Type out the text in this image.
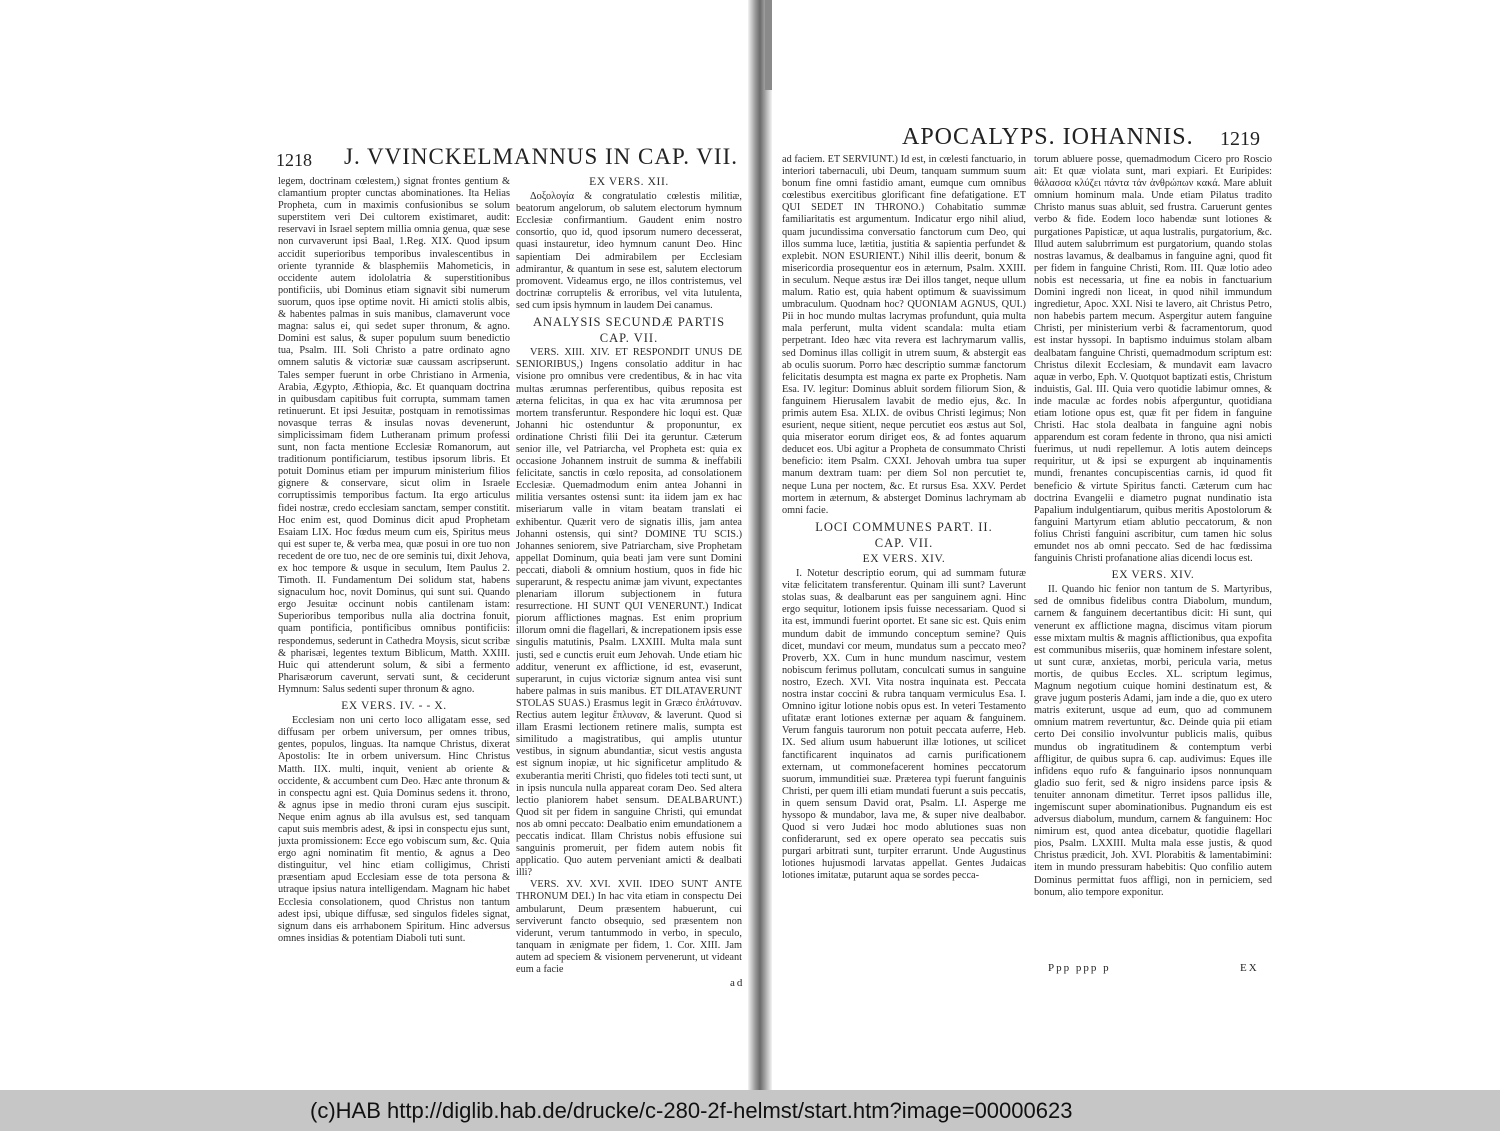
1218 J. VVINCKELMANNUS IN CAP. VII.

legem, doctrinam cœlestem,) signat frontes gentium & clamantium propter cunctas abominationes. Ita Helias Propheta, cum in maximis confusionibus se solum superstitem veri Dei cultorem existimaret, audit: reservavi in Israel septem millia omnia genua, quæ sese non curvaverunt ipsi Baal, 1.Reg. XIX. Quod ipsum accidit superioribus temporibus invalescentibus in oriente tyrannide & blasphemiis Mahometicis, in occidente autem idololatria & superstitionibus pontificiis, ubi Dominus etiam signavit sibi numerum suorum, quos ipse optime novit. Hi amicti stolis albis, & habentes palmas in suis manibus, clamaverunt voce magna: salus ei, qui sedet super thronum, & agno. Domini est salus, & super populum suum benedictio tua, Psalm. III. Soli Christo a patre ordinato agno omnem salutis & victoriæ suæ caussam ascripserunt. Tales semper fuerunt in orbe Christiano in Armenia, Arabia, Ægypto, Æthiopia, &c. Et quanquam doctrina in quibusdam capitibus fuit corrupta, summam tamen retinuerunt. Et ipsi Jesuitæ, postquam in remotissimas novasque terras & insulas novas devenerunt, simplicissimam fidem Lutheranam primum professi sunt, non facta mentione Ecclesiæ Romanorum, aut traditionum pontificiarum, testibus ipsorum libris. Et potuit Dominus etiam per impurum ministerium filios gignere & conservare, sicut olim in Israele corruptissimis temporibus factum. Ita ergo articulus fidei nostræ, credo ecclesiam sanctam, semper constitit. Hoc enim est, quod Dominus dicit apud Prophetam Esaiam LIX. Hoc fœdus meum cum eis, Spiritus meus qui est super te, & verba mea, quæ posui in ore tuo non recedent de ore tuo, nec de ore seminis tui, dixit Jehova, ex hoc tempore & usque in seculum, Item Paulus 2. Timoth. II. Fundamentum Dei solidum stat, habens signaculum hoc, novit Dominus, qui sunt sui. Quando ergo Jesuitæ occinunt nobis cantilenam istam: Superioribus temporibus nulla alia doctrina fonuit, quam pontificia, pontificibus omnibus pontificiis: respondemus, sederunt in Cathedra Moysis, sicut scribæ & pharisæi, legentes textum Biblicum, Matth. XXIII. Huic qui attenderunt solum, & sibi a fermento Pharisæorum caverunt, servati sunt, & ceciderunt Hymnum: Salus sedenti super thronum & agno.

EX VERS. IV. - - X.

Ecclesiam non uni certo loco alligatam esse, sed diffusam per orbem universum, per omnes tribus, gentes, populos, linguas. Ita namque Christus, dixerat Apostolis: Ite in orbem universum. Hinc Christus Matth. IIX. multi, inquit, venient ab oriente & occidente, & accumbent cum Deo. Hæc ante thronum & in conspectu agni est. Quia Dominus sedens it. throno, & agnus ipse in medio throni curam ejus suscipit. Neque enim agnus ab illa avulsus est, sed tanquam caput suis membris adest, & ipsi in conspectu ejus sunt, juxta promissionem: Ecce ego vobiscum sum, &c. Quia ergo agni nominatim fit mentio, & agnus a Deo distinguitur, vel hinc etiam colligimus, Christi præsentiam apud Ecclesiam esse de tota persona & utraque ipsius natura intelligendam. Magnam hic habet Ecclesia consolationem, quod Christus non tantum adest ipsi, ubique diffusæ, sed singulos fideles signat, signum dans eis arrhabonem Spiritum. Hinc adversus omnes insidias & potentiam Diaboli tuti sunt.

EX VERS. XII.

Δοξολογία & congratulatio cœlestis militiæ, beatorum angelorum, ob salutem electorum hymnum Ecclesiæ confirmantium. Gaudent enim nostro consortio, quo id, quod ipsorum numero decesserat, quasi instauretur, ideo hymnum canunt Deo. Hinc sapientiam Dei admirabilem per Ecclesiam admirantur, & quantum in sese est, salutem electorum promovent. Videamus ergo, ne illos contristemus, vel doctrinæ corruptelis & erroribus, vel vita lutulenta, sed cum ipsis hymnum in laudem Dei canamus.

ANALYSIS SECUNDÆ PARTIS
CAP. VII.

VERS. XIII. XIV. ET RESPONDIT UNUS DE SENIORIBUS,) Ingens consolatio additur in hac visione pro omnibus vere credentibus, & in hac vita multas ærumnas perferentibus, quibus reposita est æterna felicitas, in qua ex hac vita ærumnosa per mortem transferuntur. Respondere hic loqui est. Quæ Johanni hic ostenduntur & proponuntur, ex ordinatione Christi filii Dei ita geruntur. Cæterum senior ille, vel Patriarcha, vel Propheta est: quia ex occasione Johannem instruit de summa & ineffabili felicitate, sanctis in cœlo reposita, ad consolationem Ecclesiæ. Quemadmodum enim antea Johanni in militia versantes ostensi sunt: ita iidem jam ex hac miseriarum valle in vitam beatam translati ei exhibentur. Quærit vero de signatis illis, jam antea Johanni ostensis, qui sint? DOMINE TU SCIS.) Johannes seniorem, sive Patriarcham, sive Prophetam appellat Dominum, quia beati jam vere sunt Domini peccati, diaboli & omnium hostium, quos in fide hic superarunt, & respectu animæ jam vivunt, expectantes plenariam illorum subjectionem in futura resurrectione. HI SUNT QUI VENERUNT.) Indicat piorum afflictiones magnas. Est enim proprium illorum omni die flagellari, & increpationem ipsis esse singulis matutinis, Psalm. LXXIII. Multa mala sunt justi, sed e cunctis eruit eum Jehovah. Unde etiam hic additur, venerunt ex afflictione, id est, evaserunt, superarunt, in cujus victoriæ signum antea visi sunt habere palmas in suis manibus. ET DILATAVERUNT STOLAS SUAS.) Erasmus legit in Græco ἐπλάτυναν. Rectius autem legitur ἔπλυναν, & laverunt. Quod si illam Erasmi lectionem retinere malis, sumpta est similitudo a magistratibus, qui amplis utuntur vestibus, in signum abundantiæ, sicut vestis angusta est signum inopiæ, ut hic significetur amplitudo & exuberantia meriti Christi, quo fideles toti tecti sunt, ut in ipsis nuncula nulla appareat coram Deo. Sed altera lectio planiorem habet sensum. DEALBARUNT.) Quod sit per fidem in sanguine Christi, qui emundat nos ab omni peccato: Dealbatio enim emundationem a peccatis indicat. Illam Christus nobis effusione sui sanguinis promeruit, per fidem autem nobis fit applicatio. Quo autem perveniant amicti & dealbati illi?

VERS. XV. XVI. XVII. IDEO SUNT ANTE THRONUM DEI.) In hac vita etiam in conspectu Dei ambularunt, Deum præsentem habuerunt, cui serviverunt fancto obsequio, sed præsentem non viderunt, verum tantummodo in verbo, in speculo, tanquam in ænigmate per fidem, 1. Cor. XIII. Jam autem ad speciem & visionem pervenerunt, ut videant eum a facie

ad
APOCALYPS. IOHANNIS. 1219

ad faciem. ET SERVIUNT.) Id est, in cœlesti fanctuario, in interiori tabernaculi, ubi Deum, tanquam summum suum bonum fine omni fastidio amant, eumque cum omnibus cœlestibus exercitibus glorificant fine defatigatione. ET QUI SEDET IN THRONO.) Cohabitatio summæ familiaritatis est argumentum. Indicatur ergo nihil aliud, quam jucundissima conversatio fanctorum cum Deo, qui illos summa luce, lætitia, justitia & sapientia perfundet & explebit. NON ESURIENT.) Nihil illis deerit, bonum & misericordia prosequentur eos in æternum, Psalm. XXIII. in seculum. Neque æstus iræ Dei illos tanget, neque ullum malum. Ratio est, quia habent optimum & suavissimum umbraculum. Quodnam hoc? QUONIAM AGNUS, QUI.) Pii in hoc mundo multas lacrymas profundunt, quia multa mala perferunt, multa vident scandala: multa etiam perpetrant. Ideo hæc vita revera est lachrymarum vallis, sed Dominus illas colligit in utrem suum, & abstergit eas ab oculis suorum. Porro hæc descriptio summæ fanctorum felicitatis desumpta est magna ex parte ex Prophetis. Nam Esa. IV. legitur: Dominus abluit sordem filiorum Sion, & fanguinem Hierusalem lavabit de medio ejus, &c. In primis autem Esa. XLIX. de ovibus Christi legimus; Non esurient, neque sitient, neque percutiet eos æstus aut Sol, quia miserator eorum diriget eos, & ad fontes aquarum deducet eos. Ubi agitur a Propheta de consummato Christi beneficio: item Psalm. CXXI. Jehovah umbra tua super manum dextram tuam: per diem Sol non percutiet te, neque Luna per noctem, &c. Et rursus Esa. XXV. Perdet mortem in æternum, & absterget Dominus lachrymam ab omni facie.

LOCI COMMUNES PART. II.
CAP. VII.
EX VERS. XIV.

I. Notetur descriptio eorum, qui ad summam futuræ vitæ felicitatem transferentur. Quinam illi sunt? Laverunt stolas suas, & dealbarunt eas per sanguinem agni. Hinc ergo sequitur, lotionem ipsis fuisse necessariam. Quod si ita est, immundi fuerint oportet. Et sane sic est. Quis enim mundum dabit de immundo conceptum semine? Quis dicet, mundavi cor meum, mundatus sum a peccato meo? Proverb, XX. Cum in hunc mundum nascimur, vestem nobiscum ferimus pollutam, conculcati sumus in sanguine nostro, Ezech. XVI. Vita nostra inquinata est. Peccata nostra instar coccini & rubra tanquam vermiculus Esa. I. Omnino igitur lotione nobis opus est. In veteri Testamento ufitatæ erant lotiones externæ per aquam & fanguinem. Verum fanguis taurorum non potuit peccata auferre, Heb. IX. Sed alium usum habuerunt illæ lotiones, ut scilicet fanctificarent inquinatos ad carnis purificationem externam, ut commonefacerent homines peccatorum suorum, immunditiei suæ. Præterea typi fuerunt fanguinis Christi, per quem illi etiam mundati fuerunt a suis peccatis, in quem sensum David orat, Psalm. LI. Asperge me hyssopo & mundabor, lava me, & super nive dealbabor. Quod si vero Judæi hoc modo ablutiones suas non confiderarunt, sed ex opere operato sea peccatis suis purgari arbitrati sunt, turpiter errarunt. Unde Augustinus lotiones hujusmodi larvatas appellat. Gentes Judaicas lotiones imitatæ, putarunt aqua se sordes pecca-

torum abluere posse, quemadmodum Cicero pro Roscio ait: Et quæ violata sunt, mari expiari. Et Euripides: θάλασσα κλύζει πάντα τἀν ἀνθρώπων κακά. Mare abluit omnium hominum mala. Unde etiam Pilatus tradito Christo manus suas abluit, sed frustra. Caruerunt gentes verbo & fide. Eodem loco habendæ sunt lotiones & purgationes Papisticæ, ut aqua lustralis, purgatorium, &c. Illud autem salubrrimum est purgatorium, quando stolas nostras lavamus, & dealbamus in fanguine agni, quod fit per fidem in fanguine Christi, Rom. III. Quæ lotio adeo nobis est necessaria, ut fine ea nobis in fanctuarium Domini ingredi non liceat, in quod nihil immundum ingredietur, Apoc. XXI. Nisi te lavero, ait Christus Petro, non habebis partem mecum. Aspergitur autem fanguine Christi, per ministerium verbi & facramentorum, quod est instar hyssopi. In baptismo induimus stolam albam dealbatam fanguine Christi, quemadmodum scriptum est: Christus dilexit Ecclesiam, & mundavit eam lavacro aquæ in verbo, Eph. V. Quotquot baptizati estis, Christum induistis, Gal. III. Quia vero quotidie labimur omnes, & inde maculæ ac fordes nobis afperguntur, quotidiana etiam lotione opus est, quæ fit per fidem in fanguine Christi. Hac stola dealbata in fanguine agni nobis apparendum est coram fedente in throno, qua nisi amicti fuerimus, ut nudi repellemur. A lotis autem deinceps requiritur, ut & ipsi se expurgent ab inquinamentis mundi, frenantes concupiscentias carnis, id quod fit beneficio & virtute Spiritus fancti. Cæterum cum hac doctrina Evangelii e diametro pugnat nundinatio ista Papalium indulgentiarum, quibus meritis Apostolorum & fanguini Martyrum etiam ablutio peccatorum, & non folius Christi fanguini ascribitur, cum tamen hic solus emundet nos ab omni peccato. Sed de hac fœdissima fanguinis Christi profanatione alias dicendi locus est.

EX VERS. XIV.

II. Quando hic fenior non tantum de S. Martyribus, sed de omnibus fidelibus contra Diabolum, mundum, carnem & fanguinem decertantibus dicit: Hi sunt, qui venerunt ex afflictione magna, discimus vitam piorum esse mixtam multis & magnis afflictionibus, qua expofita est communibus miseriis, quæ hominem infestare solent, ut sunt curæ, anxietas, morbi, pericula varia, metus mortis, de quibus Eccles. XL. scriptum legimus, Magnum negotium cuique homini destinatum est, & grave jugum posteris Adami, jam inde a die, quo ex utero matris exiterunt, usque ad eum, quo ad communem omnium matrem revertuntur, &c. Deinde quia pii etiam certo Dei consilio involvuntur publicis malis, quibus mundus ob ingratitudinem & contemptum verbi affligitur, de quibus supra 6. cap. audivimus: Eques ille infidens equo rufo & fanguinario ipsos nonnunquam gladio suo ferit, sed & nigro insidens parce ipsis & tenuiter annonam dimetitur. Terret ipsos pallidus ille, ingemiscunt super abominationibus. Pugnandum eis est adversus diabolum, mundum, carnem & fanguinem: Hoc nimirum est, quod antea dicebatur, quotidie flagellari pios, Psalm. LXXIII. Multa mala esse justis, & quod Christus prædicit, Joh. XVI. Plorabitis & lamentabimini: item in mundo pressuram habebitis: Quo confilio autem Dominus permittat fuos affligi, non in perniciem, sed bonum, alio tempore exponitur.

Ppp ppp p	EX
(c)HAB http://diglib.hab.de/drucke/c-280-2f-helmst/start.htm?image=00000623
